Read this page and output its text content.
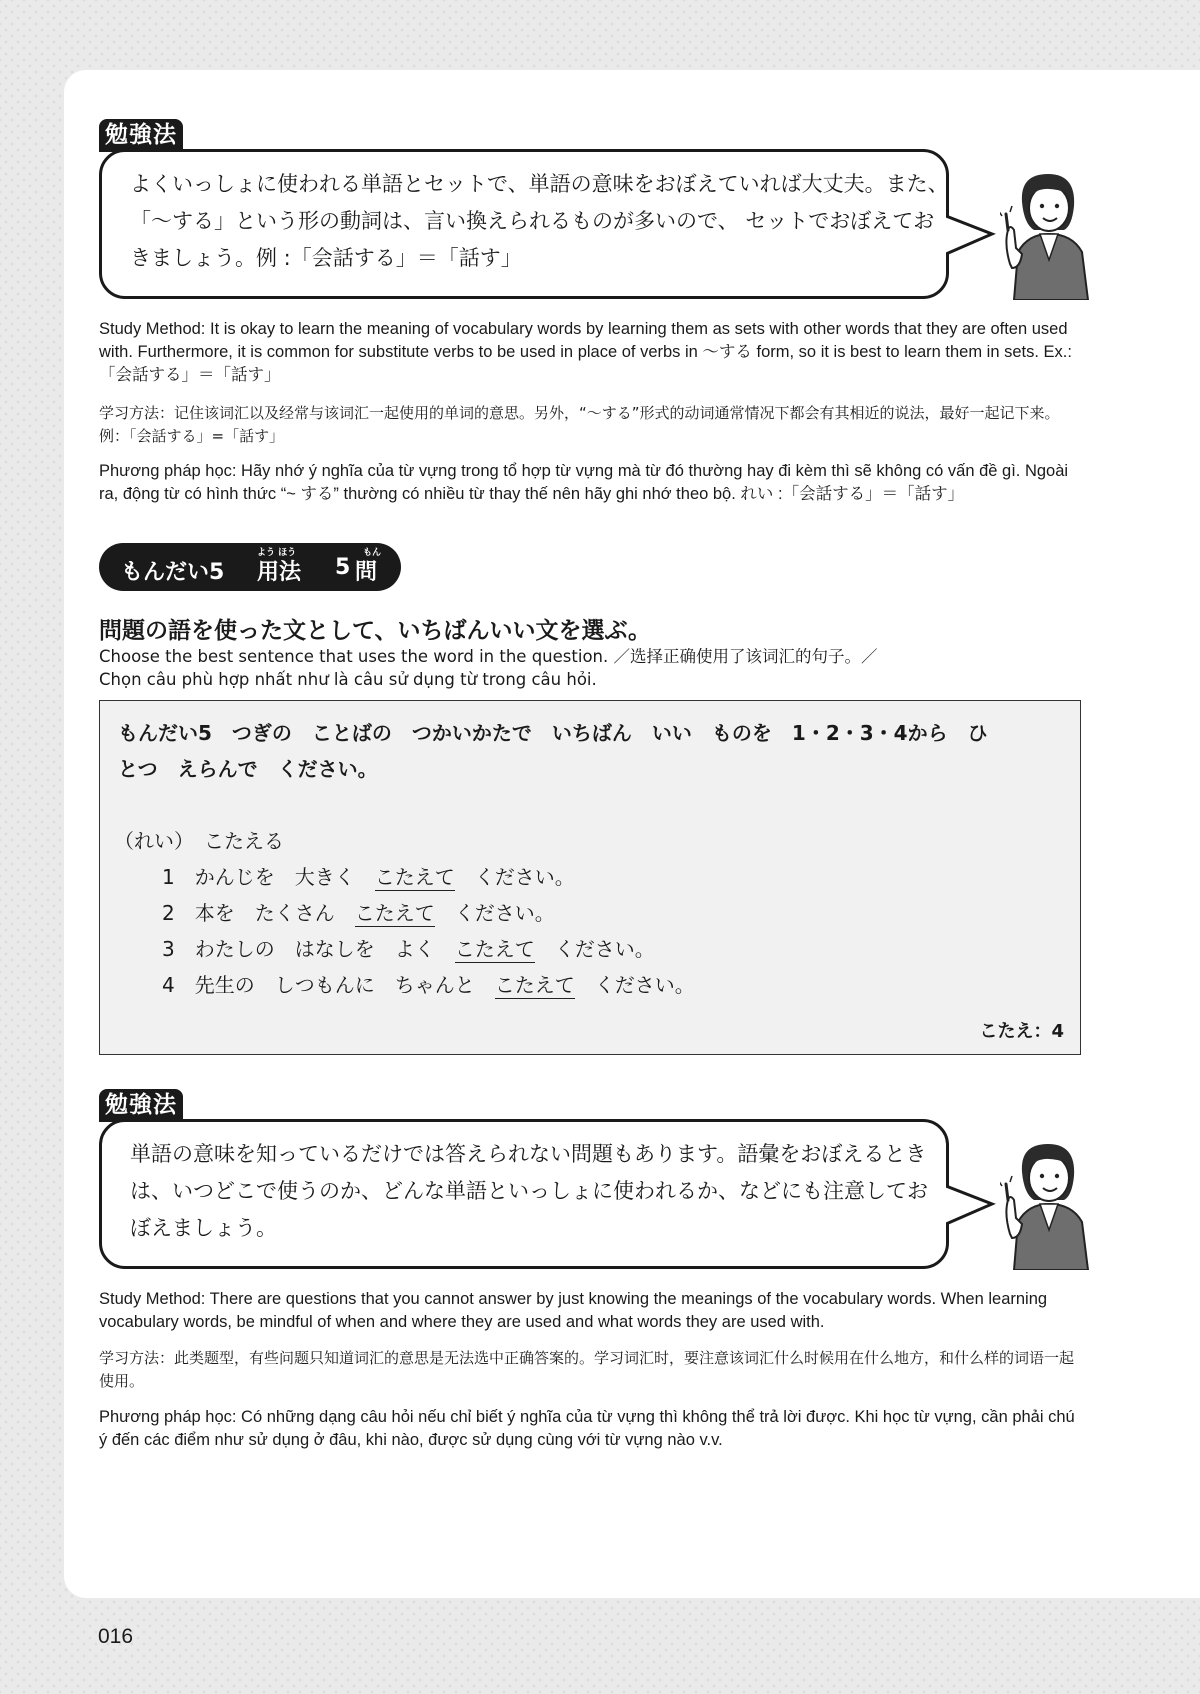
勉強法
よくいっしょに使われる単語とセットで、単語の意味をおぼえていれば大丈夫。また、
「〜する」という形の動詞は、言い換えられるものが多いので、 セットでおぼえてお
きましょう。例 :「会話する」＝「話す」
Study Method: It is okay to learn the meaning of vocabulary words by learning them as sets with other words that they are often used with. Furthermore, it is common for substitute verbs to be used in place of verbs in 〜する form, so it is best to learn them in sets. Ex.:「会話する」＝「話す」
学习方法：记住该词汇以及经常与该词汇一起使用的单词的意思。另外，“〜する”形式的动词通常情况下都会有其相近的说法，最好一起记下来。例：「会話する」=「話す」
Phương pháp học: Hãy nhớ ý nghĩa của từ vựng trong tổ hợp từ vựng mà từ đó thường hay đi kèm thì sẽ không có vấn đề gì. Ngoài ra, động từ có hình thức “~ する” thường có nhiều từ thay thế nên hãy ghi nhớ theo bộ. れい :「会話する」＝「話す」
もんだい5
よう ほう
用法 5
もん
問
問題の語を使った文として、いちばんいい文を選ぶ。
Choose the best sentence that uses the word in the question. ／选择正确使用了该词汇的句子。／
Chọn câu phù hợp nhất như là câu sử dụng từ trong câu hỏi.
もんだい5　つぎの　ことばの　つかいかたで　いちばん　いい　ものを　1・2・3・4から　ひ
とつ　えらんで　ください。
（れい）　こたえる
1　 かんじを　大きく　こたえて　ください。
2　 本を　たくさん　こたえて　ください。
3　 わたしの　はなしを　よく　こたえて　ください。
4　 先生の　しつもんに　ちゃんと　こたえて　ください。
こたえ：4
勉強法
単語の意味を知っているだけでは答えられない問題もあります。語彙をおぼえるとき
は、いつどこで使うのか、どんな単語といっしょに使われるか、などにも注意してお
ぼえましょう。
Study Method: There are questions that you cannot answer by just knowing the meanings of the vocabulary words. When learning vocabulary words, be mindful of when and where they are used and what words they are used with.
学习方法：此类题型，有些问题只知道词汇的意思是无法选中正确答案的。学习词汇时，要注意该词汇什么时候用在什么地方，和什么样的词语一起使用。
Phương pháp học: Có những dạng câu hỏi nếu chỉ biết ý nghĩa của từ vựng thì không thể trả lời được. Khi học từ vựng, cần phải chú ý đến các điểm như sử dụng ở đâu, khi nào, được sử dụng cùng với từ vựng nào v.v.
016
